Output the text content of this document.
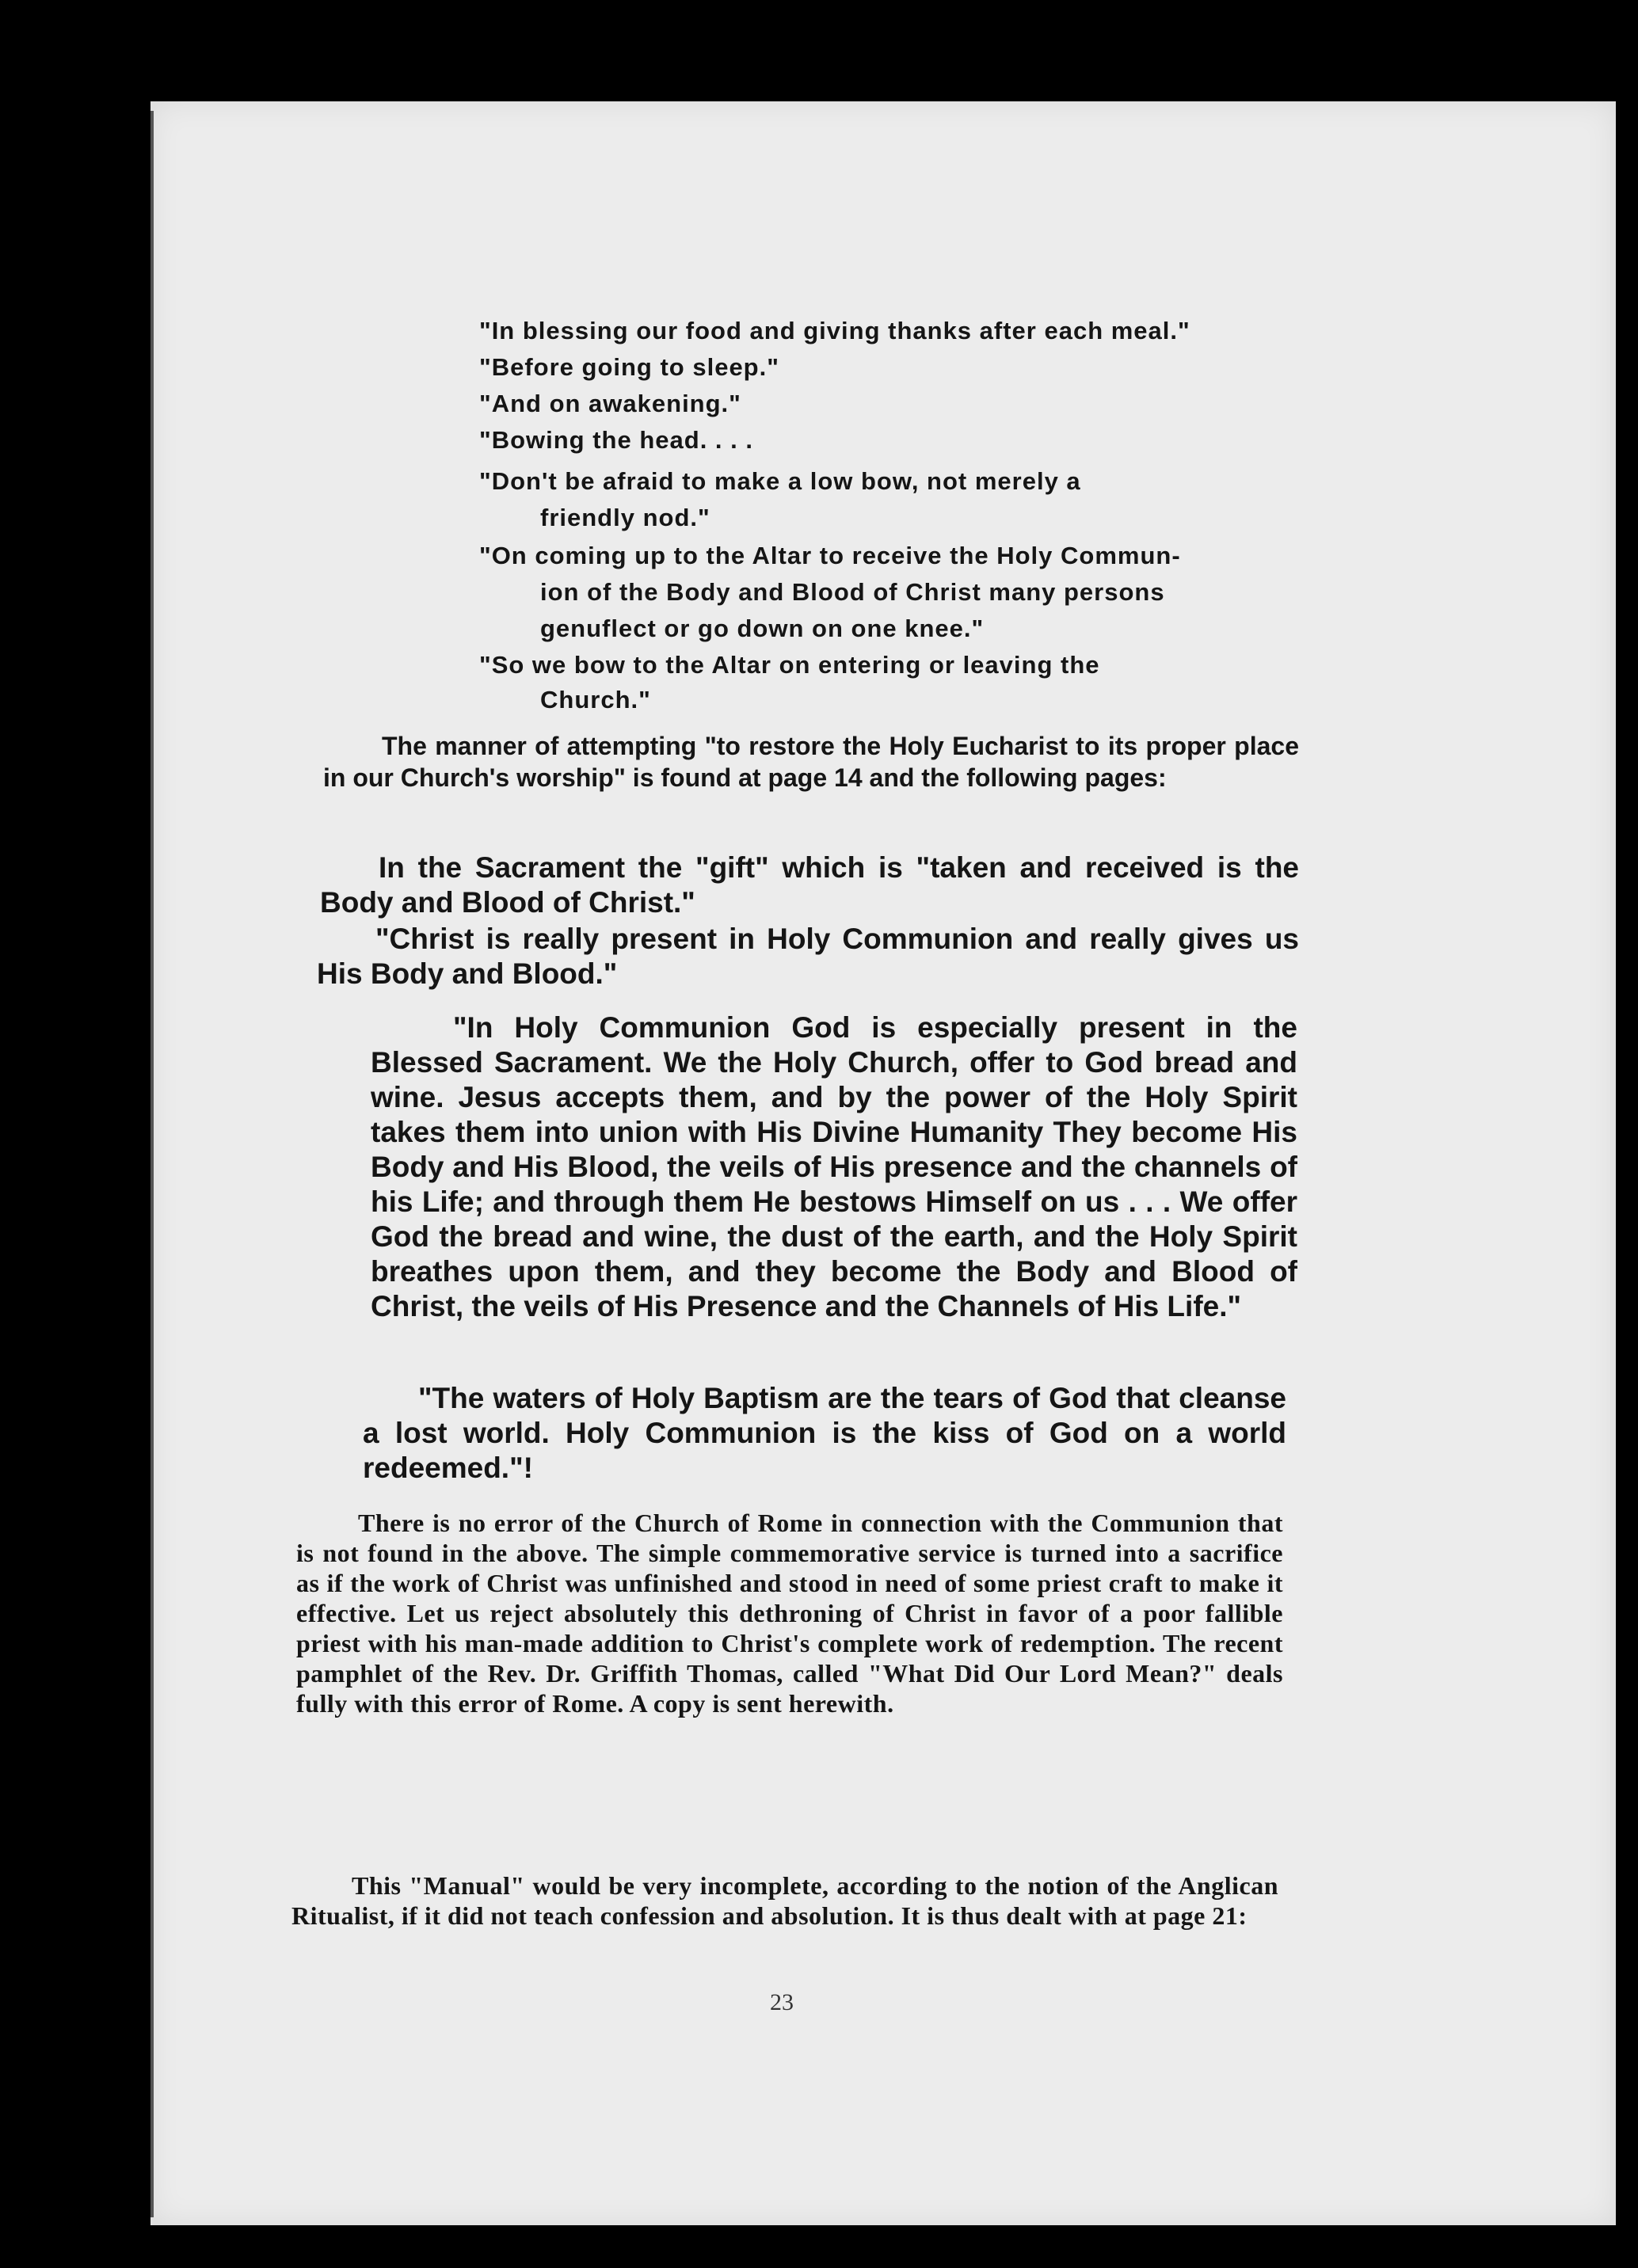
"In blessing our food and giving thanks after each meal."
"Before going to sleep."
"And on awakening."
"Bowing the head. . . .
"Don't be afraid to make a low bow, not merely a
friendly nod."
"On coming up to the Altar to receive the Holy Commun-
ion of the Body and Blood of Christ many persons
genuflect or go down on one knee."
"So we bow to the Altar on entering or leaving the
Church."
The manner of attempting "to restore the Holy Eucharist to its proper place in our Church's worship" is found at page 14 and the following pages:
In the Sacrament the "gift" which is "taken and received is the Body and Blood of Christ."
"Christ is really present in Holy Communion and really gives us His Body and Blood."
"In Holy Communion God is especially present in the Blessed Sacrament. We the Holy Church, offer to God bread and wine. Jesus accepts them, and by the power of the Holy Spirit takes them into union with His Divine Humanity They become His Body and His Blood, the veils of His presence and the channels of his Life; and through them He bestows Himself on us . . . We offer God the bread and wine, the dust of the earth, and the Holy Spirit breathes upon them, and they become the Body and Blood of Christ, the veils of His Presence and the Channels of His Life."
"The waters of Holy Baptism are the tears of God that cleanse a lost world. Holy Communion is the kiss of God on a world redeemed."!
There is no error of the Church of Rome in connection with the Communion that is not found in the above. The simple commemorative service is turned into a sacrifice as if the work of Christ was unfinished and stood in need of some priest craft to make it effective. Let us reject absolutely this dethroning of Christ in favor of a poor fallible priest with his man-made addition to Christ's complete work of redemption. The recent pamphlet of the Rev. Dr. Griffith Thomas, called "What Did Our Lord Mean?" deals fully with this error of Rome. A copy is sent herewith.
This "Manual" would be very incomplete, according to the notion of the Anglican Ritualist, if it did not teach confession and absolution. It is thus dealt with at page 21:
23
